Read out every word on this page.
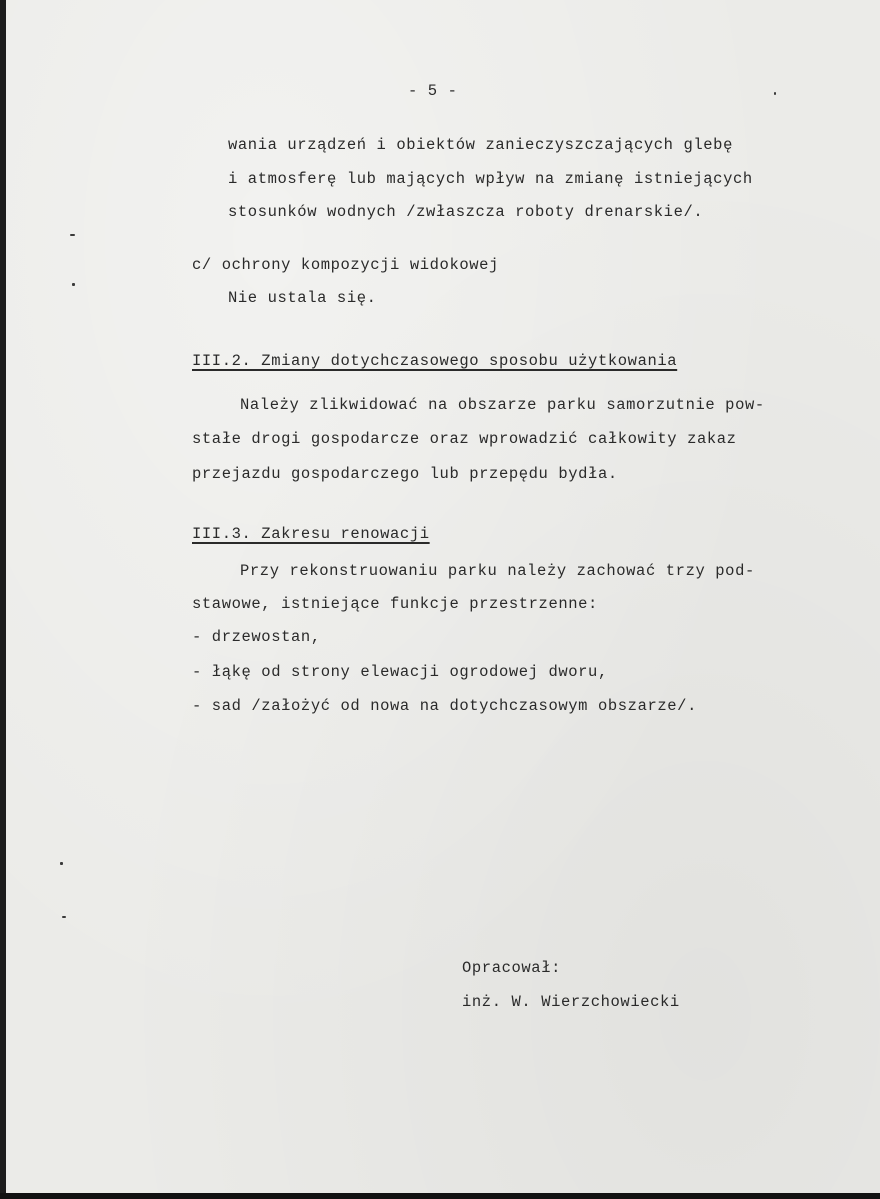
- 5 -
wania urządzeń i obiektów zanieczyszczających glebę
i atmosferę lub mających wpływ na zmianę istniejących
stosunków wodnych /zwłaszcza roboty drenarskie/.
c/ ochrony kompozycji widokowej
Nie ustala się.
III.2. Zmiany dotychczasowego sposobu użytkowania
Należy zlikwidować na obszarze parku samorzutnie pow-
stałe drogi gospodarcze oraz wprowadzić całkowity zakaz
przejazdu gospodarczego lub przepędu bydła.
III.3. Zakresu renowacji
Przy rekonstruowaniu parku należy zachować trzy pod-
stawowe, istniejące funkcje przestrzenne:
- drzewostan,
- łąkę od strony elewacji ogrodowej dworu,
- sad /założyć od nowa na dotychczasowym obszarze/.
Opracował:
inż. W. Wierzchowiecki
